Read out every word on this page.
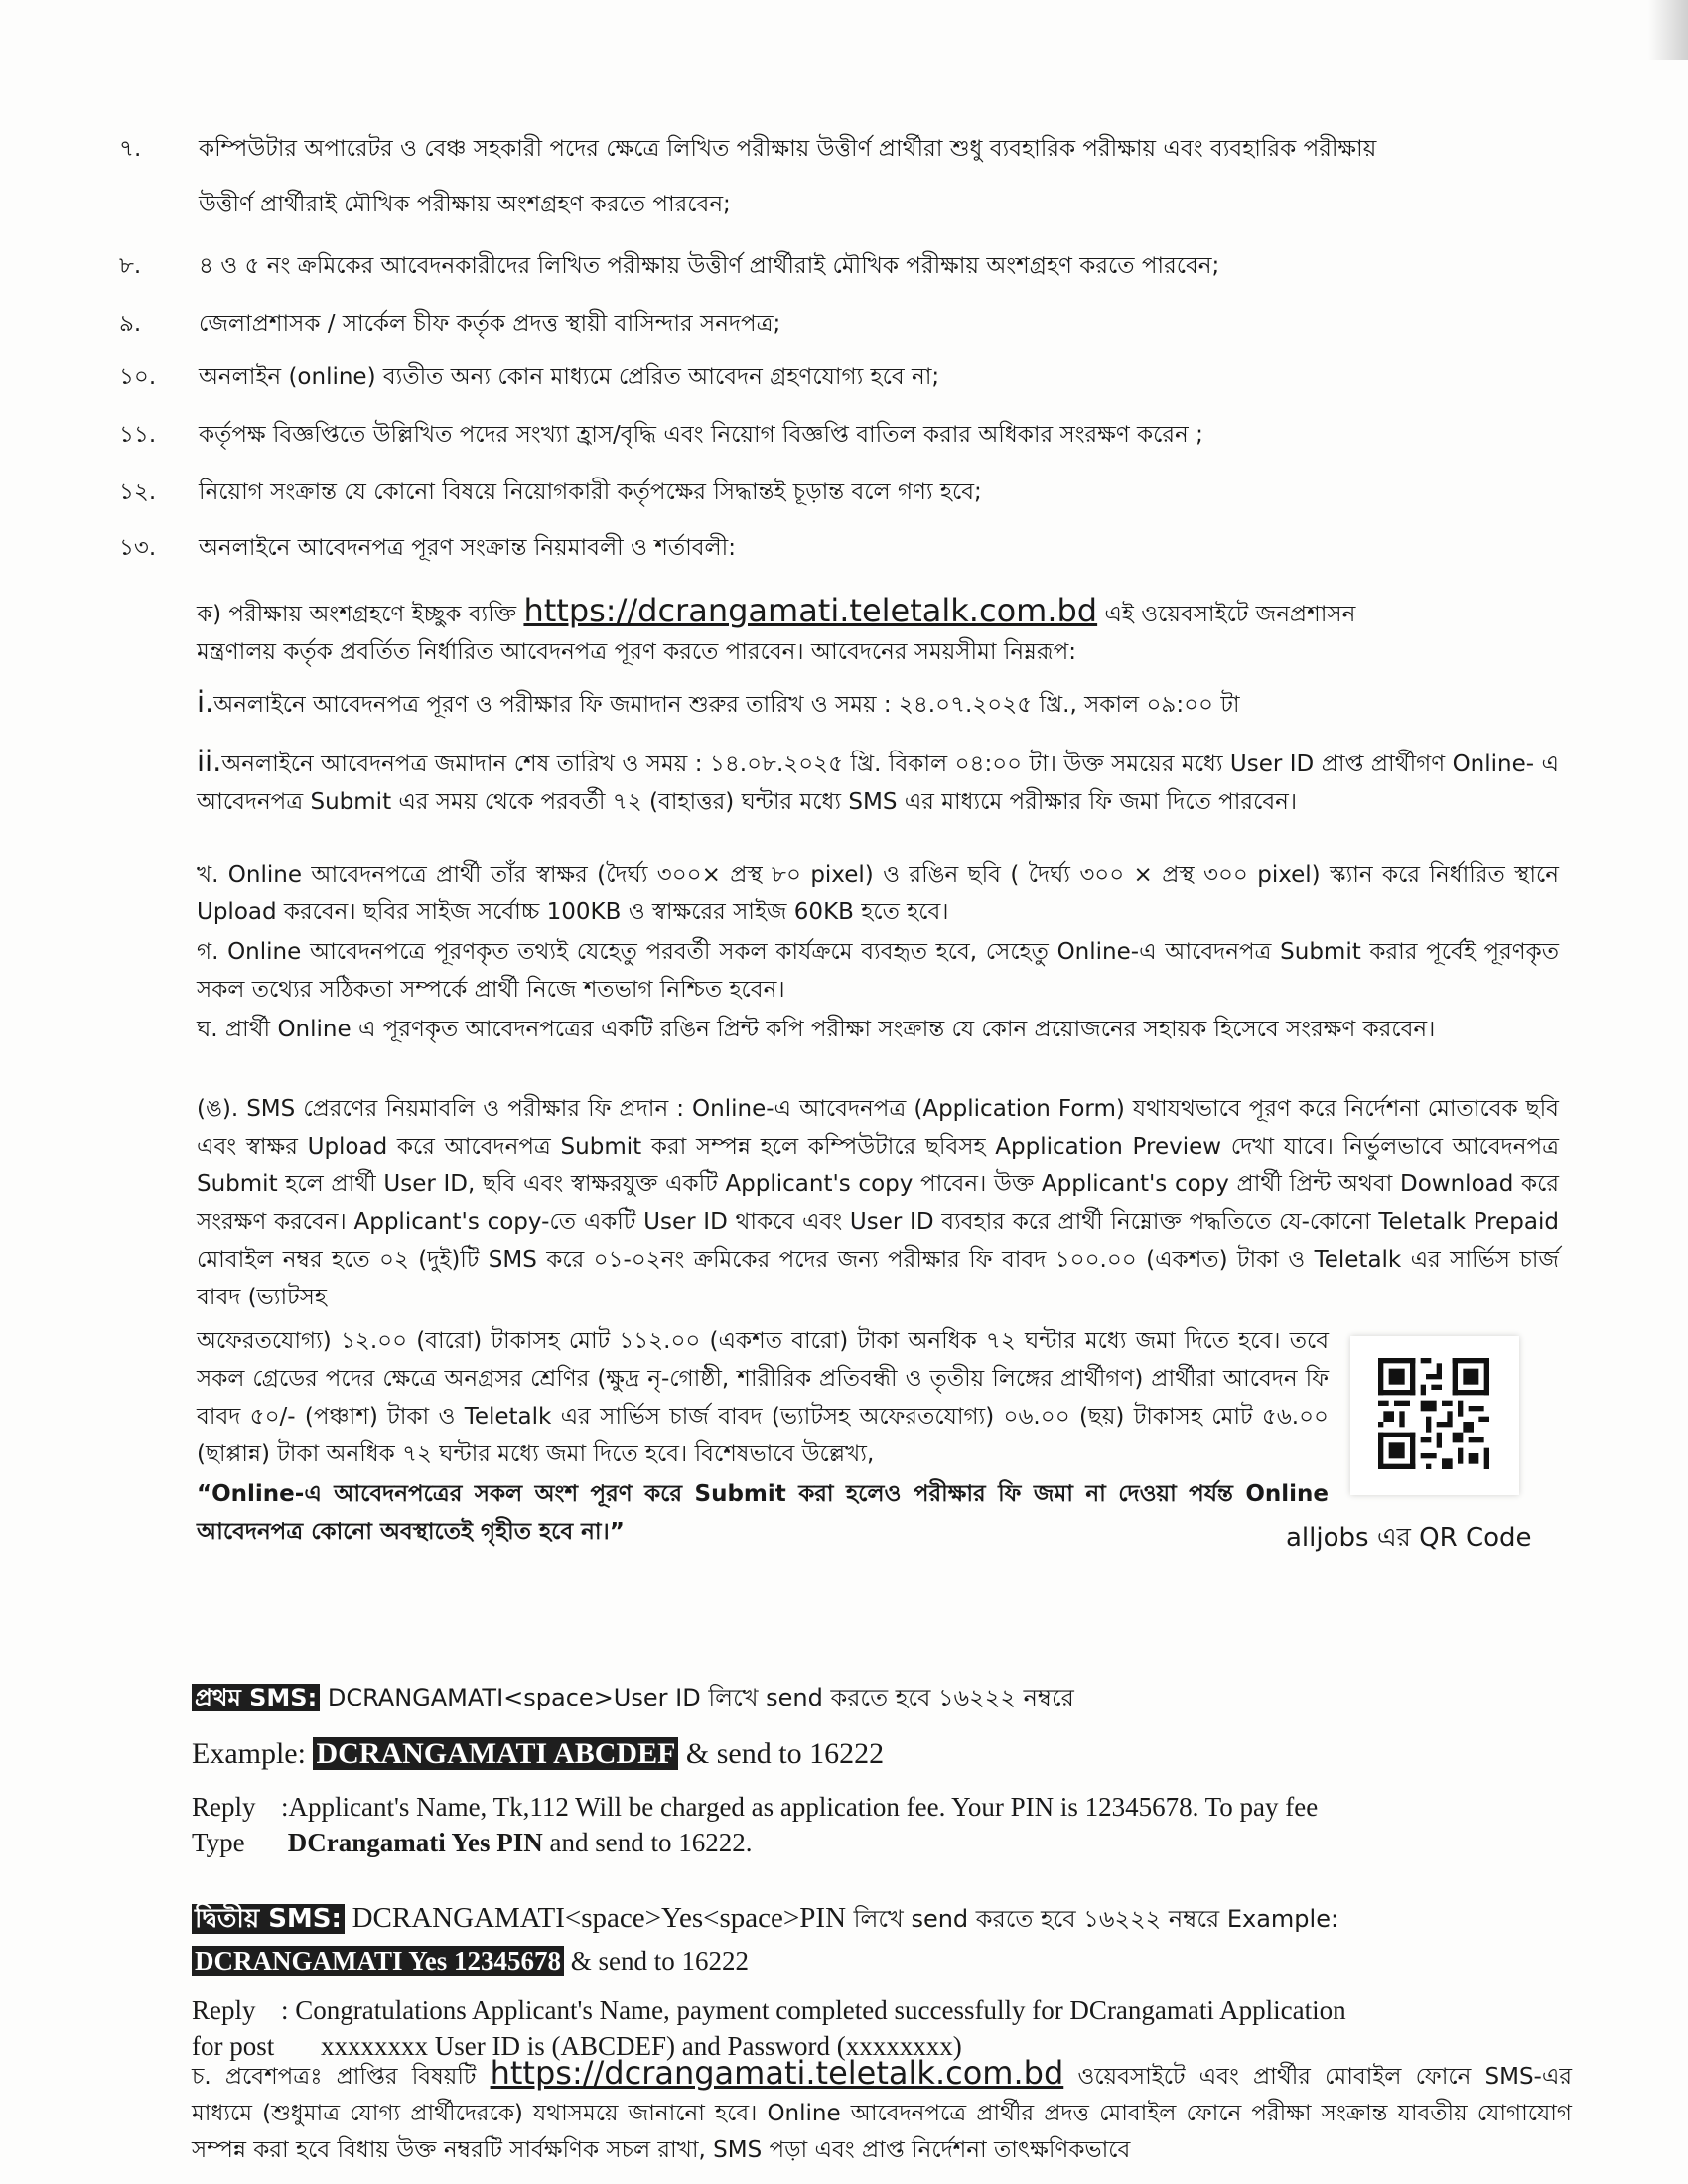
৭.	কম্পিউটার অপারেটর ও বেঞ্চ সহকারী পদের ক্ষেত্রে লিখিত পরীক্ষায় উত্তীর্ণ প্রার্থীরা শুধু ব্যবহারিক পরীক্ষায় এবং ব্যবহারিক পরীক্ষায়
উত্তীর্ণ প্রার্থীরাই মৌখিক পরীক্ষায় অংশগ্রহণ করতে পারবেন;
৮.	৪ ও ৫ নং ক্রমিকের আবেদনকারীদের লিখিত পরীক্ষায় উত্তীর্ণ প্রার্থীরাই মৌখিক পরীক্ষায় অংশগ্রহণ করতে পারবেন;
৯.	জেলাপ্রশাসক / সার্কেল চীফ কর্তৃক প্রদত্ত স্থায়ী বাসিন্দার সনদপত্র;
১০.	অনলাইন (online) ব্যতীত অন্য কোন মাধ্যমে প্রেরিত আবেদন গ্রহণযোগ্য হবে না;
১১.	কর্তৃপক্ষ বিজ্ঞপ্তিতে উল্লিখিত পদের সংখ্যা হ্রাস/বৃদ্ধি এবং নিয়োগ বিজ্ঞপ্তি বাতিল করার অধিকার সংরক্ষণ করেন ;
১২.	নিয়োগ সংক্রান্ত যে কোনো বিষয়ে নিয়োগকারী কর্তৃপক্ষের সিদ্ধান্তই চূড়ান্ত বলে গণ্য হবে;
১৩.	অনলাইনে আবেদনপত্র পূরণ সংক্রান্ত নিয়মাবলী ও শর্তাবলী:
ক) পরীক্ষায় অংশগ্রহণে ইচ্ছুক ব্যক্তি https://dcrangamati.teletalk.com.bd এই ওয়েবসাইটে জনপ্রশাসন
মন্ত্রণালয় কর্তৃক প্রবর্তিত নির্ধারিত আবেদনপত্র পূরণ করতে পারবেন। আবেদনের সময়সীমা নিম্নরূপ:
i.অনলাইনে আবেদনপত্র পূরণ ও পরীক্ষার ফি জমাদান শুরুর তারিখ ও সময় : ২৪.০৭.২০২৫ খ্রি., সকাল ০৯:০০ টা
ii.অনলাইনে আবেদনপত্র জমাদান শেষ তারিখ ও সময় : ১৪.০৮.২০২৫ খ্রি. বিকাল ০৪:০০ টা। উক্ত সময়ের মধ্যে User ID প্রাপ্ত প্রার্থীগণ Online- এ আবেদনপত্র Submit এর সময় থেকে পরবর্তী ৭২ (বাহাত্তর) ঘন্টার মধ্যে SMS এর মাধ্যমে পরীক্ষার ফি জমা দিতে পারবেন।
খ. Online আবেদনপত্রে প্রার্থী তাঁর স্বাক্ষর (দৈর্ঘ্য ৩০০× প্রস্থ ৮০ pixel) ও রঙিন ছবি ( দৈর্ঘ্য ৩০০ × প্রস্থ ৩০০ pixel) স্ক্যান করে নির্ধারিত স্থানে Upload করবেন। ছবির সাইজ সর্বোচ্চ 100KB ও স্বাক্ষরের সাইজ 60KB হতে হবে।
গ. Online আবেদনপত্রে পূরণকৃত তথ্যই যেহেতু পরবর্তী সকল কার্যক্রমে ব্যবহৃত হবে, সেহেতু Online-এ আবেদনপত্র Submit করার পূর্বেই পূরণকৃত সকল তথ্যের সঠিকতা সম্পর্কে প্রার্থী নিজে শতভাগ নিশ্চিত হবেন।
ঘ. প্রার্থী Online এ পূরণকৃত আবেদনপত্রের একটি রঙিন প্রিন্ট কপি পরীক্ষা সংক্রান্ত যে কোন প্রয়োজনের সহায়ক হিসেবে সংরক্ষণ করবেন।
(ঙ). SMS প্রেরণের নিয়মাবলি ও পরীক্ষার ফি প্রদান : Online-এ আবেদনপত্র (Application Form) যথাযথভাবে পূরণ করে নির্দেশনা মোতাবেক ছবি এবং স্বাক্ষর Upload করে আবেদনপত্র Submit করা সম্পন্ন হলে কম্পিউটারে ছবিসহ Application Preview দেখা যাবে। নির্ভুলভাবে আবেদনপত্র Submit হলে প্রার্থী User ID, ছবি এবং স্বাক্ষরযুক্ত একটি Applicant's copy পাবেন। উক্ত Applicant's copy প্রার্থী প্রিন্ট অথবা Download করে সংরক্ষণ করবেন। Applicant's copy-তে একটি User ID থাকবে এবং User ID ব্যবহার করে প্রার্থী নিম্নোক্ত পদ্ধতিতে যে-কোনো Teletalk Prepaid মোবাইল নম্বর হতে ০২ (দুই)টি SMS করে ০১-০২নং ক্রমিকের পদের জন্য পরীক্ষার ফি বাবদ ১০০.০০ (একশত) টাকা ও Teletalk এর সার্ভিস চার্জ বাবদ (ভ্যাটসহ
অফেরতযোগ্য) ১২.০০ (বারো) টাকাসহ মোট ১১২.০০ (একশত বারো) টাকা অনধিক ৭২ ঘন্টার মধ্যে জমা দিতে হবে। তবে সকল গ্রেডের পদের ক্ষেত্রে অনগ্রসর শ্রেণির (ক্ষুদ্র নৃ-গোষ্ঠী, শারীরিক প্রতিবন্ধী ও তৃতীয় লিঙ্গের প্রার্থীগণ) প্রার্থীরা আবেদন ফি বাবদ ৫০/- (পঞ্চাশ) টাকা ও Teletalk এর সার্ভিস চার্জ বাবদ (ভ্যাটসহ অফেরতযোগ্য) ০৬.০০ (ছয়) টাকাসহ মোট ৫৬.০০ (ছাপ্পান্ন) টাকা অনধিক ৭২ ঘন্টার মধ্যে জমা দিতে হবে। বিশেষভাবে উল্লেখ্য,
“Online-এ আবেদনপত্রের সকল অংশ পূরণ করে Submit করা হলেও পরীক্ষার ফি জমা না দেওয়া পর্যন্ত Online আবেদনপত্র কোনো অবস্থাতেই গৃহীত হবে না।”	alljobs এর QR Code
প্রথম SMS: DCRANGAMATI<space>User ID লিখে send করতে হবে ১৬২২২ নম্বরে
Example: DCRANGAMATI ABCDEF & send to 16222
Reply :Applicant's Name, Tk,112 Will be charged as application fee. Your PIN is 12345678. To pay fee
Type DCrangamati Yes PIN and send to 16222.
দ্বিতীয় SMS: DCRANGAMATI<space>Yes<space>PIN লিখে send করতে হবে ১৬২২২ নম্বরে Example:
DCRANGAMATI Yes 12345678 & send to 16222
Reply : Congratulations Applicant's Name, payment completed successfully for DCrangamati Application
for post xxxxxxxx User ID is (ABCDEF) and Password (xxxxxxxx)
চ. প্রবেশপত্রঃ প্রাপ্তির বিষয়টি https://dcrangamati.teletalk.com.bd ওয়েবসাইটে এবং প্রার্থীর মোবাইল ফোনে SMS-এর মাধ্যমে (শুধুমাত্র যোগ্য প্রার্থীদেরকে) যথাসময়ে জানানো হবে। Online আবেদনপত্রে প্রার্থীর প্রদত্ত মোবাইল ফোনে পরীক্ষা সংক্রান্ত যাবতীয় যোগাযোগ সম্পন্ন করা হবে বিধায় উক্ত নম্বরটি সার্বক্ষণিক সচল রাখা, SMS পড়া এবং প্রাপ্ত নির্দেশনা তাৎক্ষণিকভাবে
